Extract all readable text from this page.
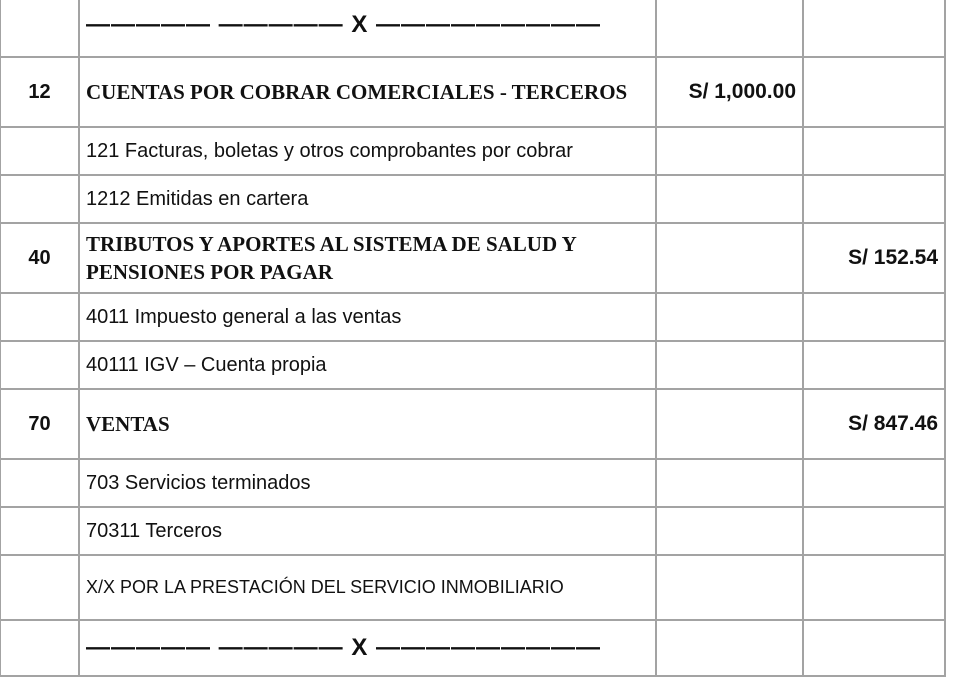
	————— ————— X —————————		
12	CUENTAS POR COBRAR COMERCIALES - TERCEROS	S/ 1,000.00	
	121 Facturas, boletas y otros comprobantes por cobrar		
	1212 Emitidas en cartera		
40	TRIBUTOS Y APORTES AL SISTEMA DE SALUD Y PENSIONES POR PAGAR		S/ 152.54
	4011 Impuesto general a las ventas		
	40111 IGV – Cuenta propia		
70	VENTAS		S/ 847.46
	703 Servicios terminados		
	70311 Terceros		
	X/X POR LA PRESTACIÓN DEL SERVICIO INMOBILIARIO		
	————— ————— X —————————		
